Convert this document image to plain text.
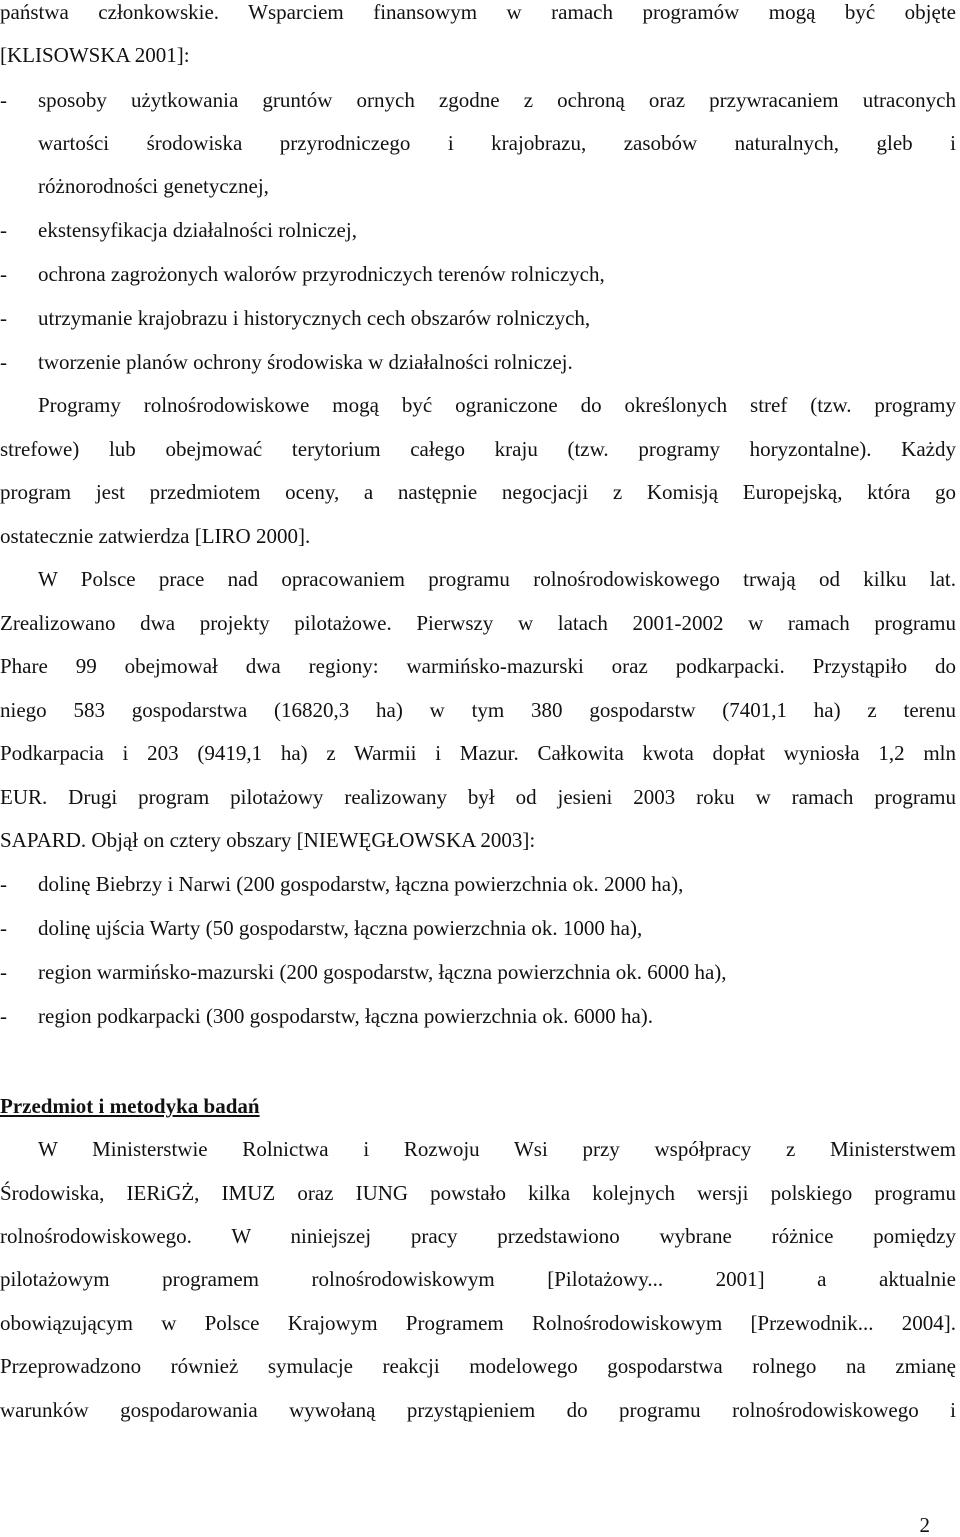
państwa członkowskie. Wsparciem finansowym w ramach programów mogą być objęte
[KLISOWSKA 2001]:
-	sposoby użytkowania gruntów ornych zgodne z ochroną oraz przywracaniem utraconych
wartości środowiska przyrodniczego i krajobrazu, zasobów naturalnych, gleb i
różnorodności genetycznej,
-	ekstensyfikacja działalności rolniczej,
-	ochrona zagrożonych walorów przyrodniczych terenów rolniczych,
-	utrzymanie krajobrazu i historycznych cech obszarów rolniczych,
-	tworzenie planów ochrony środowiska w działalności rolniczej.
Programy rolnośrodowiskowe mogą być ograniczone do określonych stref (tzw. programy
strefowe) lub obejmować terytorium całego kraju (tzw. programy horyzontalne). Każdy
program jest przedmiotem oceny, a następnie negocjacji z Komisją Europejską, która go
ostatecznie zatwierdza [LIRO 2000].
W Polsce prace nad opracowaniem programu rolnośrodowiskowego trwają od kilku lat.
Zrealizowano dwa projekty pilotażowe. Pierwszy w latach 2001-2002 w ramach programu
Phare 99 obejmował dwa regiony: warmińsko-mazurski oraz podkarpacki. Przystąpiło do
niego 583 gospodarstwa (16820,3 ha) w tym 380 gospodarstw (7401,1 ha) z terenu
Podkarpacia i 203 (9419,1 ha) z Warmii i Mazur. Całkowita kwota dopłat wyniosła 1,2 mln
EUR. Drugi program pilotażowy realizowany był od jesieni 2003 roku w ramach programu
SAPARD. Objął on cztery obszary [NIEWĘGŁOWSKA 2003]:
-	dolinę Biebrzy i Narwi (200 gospodarstw, łączna powierzchnia ok. 2000 ha),
-	dolinę ujścia Warty (50 gospodarstw, łączna powierzchnia ok. 1000 ha),
-	region warmińsko-mazurski (200 gospodarstw, łączna powierzchnia ok. 6000 ha),
-	region podkarpacki (300 gospodarstw, łączna powierzchnia ok. 6000 ha).
Przedmiot i metodyka badań
W Ministerstwie Rolnictwa i Rozwoju Wsi przy współpracy z Ministerstwem
Środowiska, IERiGŻ, IMUZ oraz IUNG powstało kilka kolejnych wersji polskiego programu
rolnośrodowiskowego. W niniejszej pracy przedstawiono wybrane różnice pomiędzy
pilotażowym programem rolnośrodowiskowym [Pilotażowy... 2001] a aktualnie
obowiązującym w Polsce Krajowym Programem Rolnośrodowiskowym [Przewodnik... 2004].
Przeprowadzono również symulacje reakcji modelowego gospodarstwa rolnego na zmianę
warunków gospodarowania wywołaną przystąpieniem do programu rolnośrodowiskowego i
2
